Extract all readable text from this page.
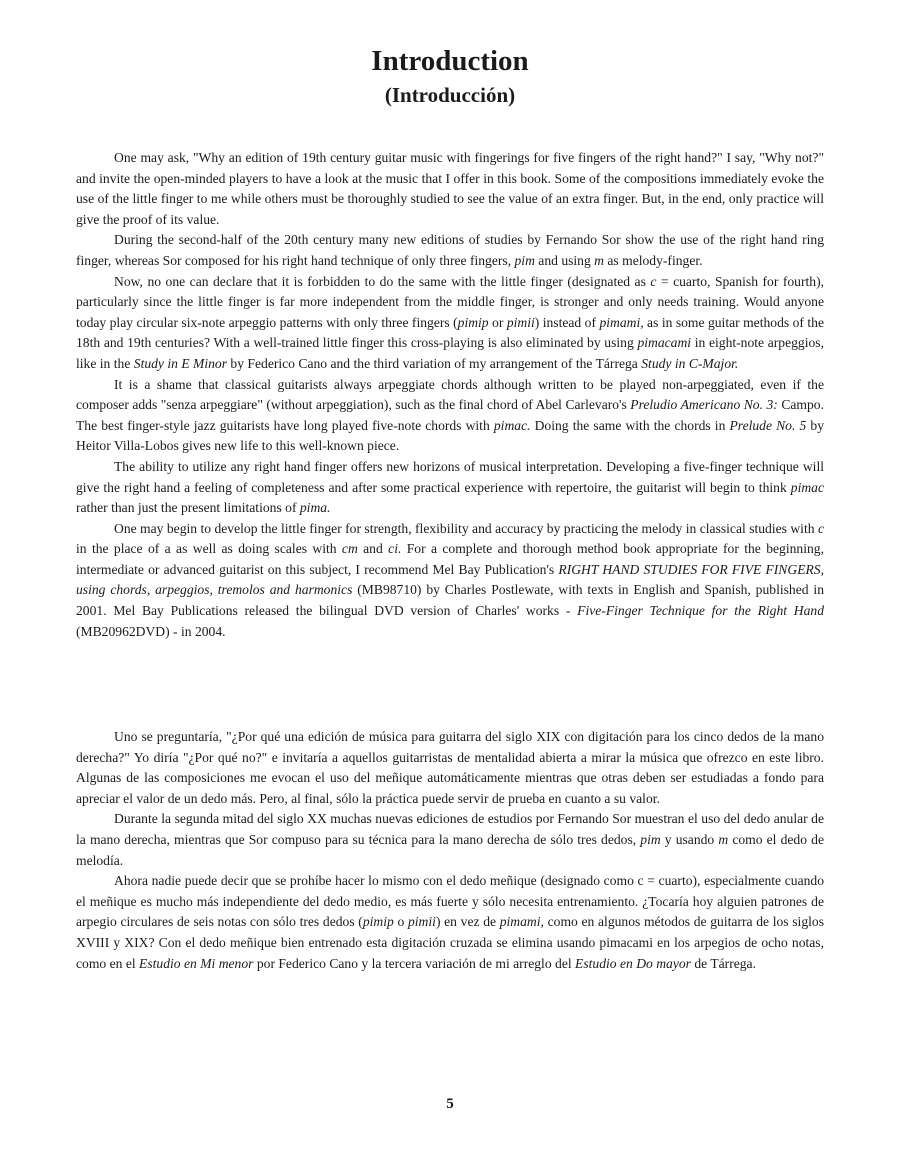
Introduction
(Introducción)

One may ask, "Why an edition of 19th century guitar music with fingerings for five fingers of the right hand?" I say, "Why not?" and invite the open-minded players to have a look at the music that I offer in this book. Some of the compositions immediately evoke the use of the little finger to me while others must be thoroughly studied to see the value of an extra finger. But, in the end, only practice will give the proof of its value.

During the second-half of the 20th century many new editions of studies by Fernando Sor show the use of the right hand ring finger, whereas Sor composed for his right hand technique of only three fingers, pim and using m as melody-finger.

Now, no one can declare that it is forbidden to do the same with the little finger (designated as c = cuarto, Spanish for fourth), particularly since the little finger is far more independent from the middle finger, is stronger and only needs training. Would anyone today play circular six-note arpeggio patterns with only three fingers (pimip or pimii) instead of pimami, as in some guitar methods of the 18th and 19th centuries? With a well-trained little finger this cross-playing is also eliminated by using pimacami in eight-note arpeggios, like in the Study in E Minor by Federico Cano and the third variation of my arrangement of the Tárrega Study in C-Major.

It is a shame that classical guitarists always arpeggiate chords although written to be played non-arpeggiated, even if the composer adds "senza arpeggiare" (without arpeggiation), such as the final chord of Abel Carlevaro's Preludio Americano No. 3: Campo. The best finger-style jazz guitarists have long played five-note chords with pimac. Doing the same with the chords in Prelude No. 5 by Heitor Villa-Lobos gives new life to this well-known piece.

The ability to utilize any right hand finger offers new horizons of musical interpretation. Developing a five-finger technique will give the right hand a feeling of completeness and after some practical experience with repertoire, the guitarist will begin to think pimac rather than just the present limitations of pima.

One may begin to develop the little finger for strength, flexibility and accuracy by practicing the melody in classical studies with c in the place of a as well as doing scales with cm and ci. For a complete and thorough method book appropriate for the beginning, intermediate or advanced guitarist on this subject, I recommend Mel Bay Publication's RIGHT HAND STUDIES FOR FIVE FINGERS, using chords, arpeggios, tremolos and harmonics (MB98710) by Charles Postlewate, with texts in English and Spanish, published in 2001. Mel Bay Publications released the bilingual DVD version of Charles' works - Five-Finger Technique for the Right Hand (MB20962DVD) - in 2004.

Uno se preguntaría, "¿Por qué una edición de música para guitarra del siglo XIX con digitación para los cinco dedos de la mano derecha?" Yo diría "¿Por qué no?" e invitaría a aquellos guitarristas de mentalidad abierta a mirar la música que ofrezco en este libro. Algunas de las composiciones me evocan el uso del meñique automáticamente mientras que otras deben ser estudiadas a fondo para apreciar el valor de un dedo más. Pero, al final, sólo la práctica puede servir de prueba en cuanto a su valor.

Durante la segunda mitad del siglo XX muchas nuevas ediciones de estudios por Fernando Sor muestran el uso del dedo anular de la mano derecha, mientras que Sor compuso para su técnica para la mano derecha de sólo tres dedos, pim y usando m como el dedo de melodía.

Ahora nadie puede decir que se prohíbe hacer lo mismo con el dedo meñique (designado como c = cuarto), especialmente cuando el meñique es mucho más independiente del dedo medio, es más fuerte y sólo necesita entrenamiento. ¿Tocaría hoy alguien patrones de arpegio circulares de seis notas con sólo tres dedos (pimip o pimii) en vez de pimami, como en algunos métodos de guitarra de los siglos XVIII y XIX? Con el dedo meñique bien entrenado esta digitación cruzada se elimina usando pimacami en los arpegios de ocho notas, como en el Estudio en Mi menor por Federico Cano y la tercera variación de mi arreglo del Estudio en Do mayor de Tárrega.

5
